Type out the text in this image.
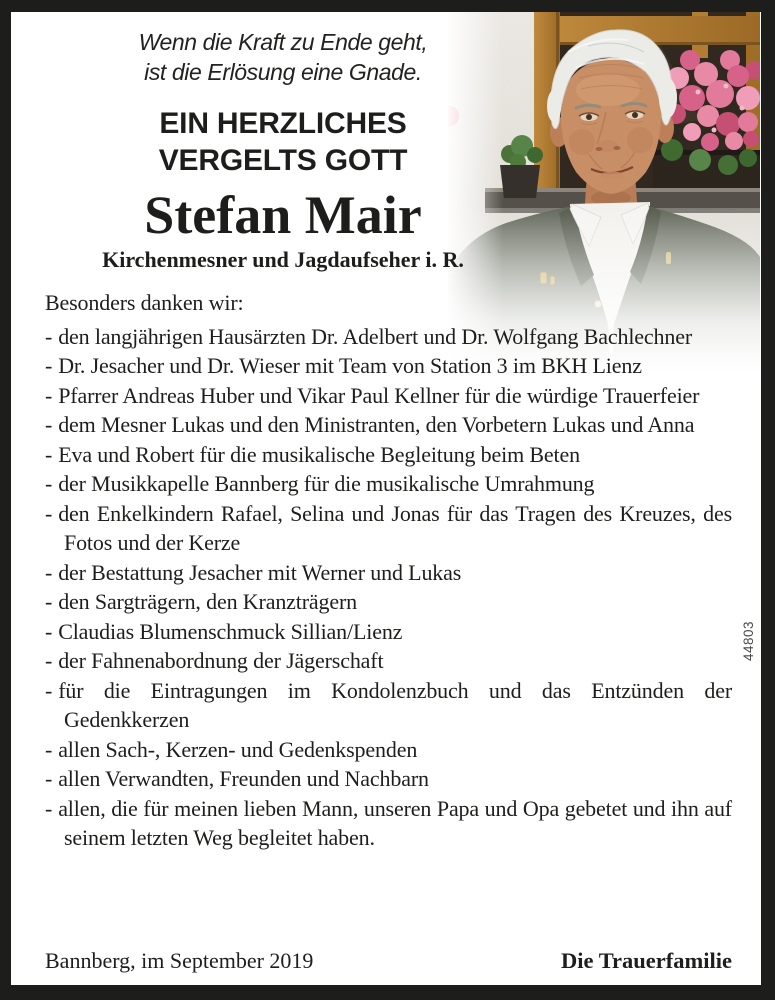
Wenn die Kraft zu Ende geht,
ist die Erlösung eine Gnade.
EIN HERZLICHES
VERGELTS GOTT
Stefan Mair
Kirchenmesner und Jagdaufseher i. R.

Besonders danken wir:

- den langjährigen Hausärzten Dr. Adelbert und Dr. Wolfgang Bachlechner

- Dr. Jesacher und Dr. Wieser mit Team von Station 3 im BKH Lienz

- Pfarrer Andreas Huber und Vikar Paul Kellner für die würdige Trauerfeier

- dem Mesner Lukas und den Ministranten, den Vorbetern Lukas und Anna

- Eva und Robert für die musikalische Begleitung beim Beten

- der Musikkapelle Bannberg für die musikalische Umrahmung

- den Enkelkindern Rafael, Selina und Jonas für das Tragen des Kreuzes, des Fotos und der Kerze

- der Bestattung Jesacher mit Werner und Lukas

- den Sargträgern, den Kranzträgern

- Claudias Blumenschmuck Sillian/Lienz

- der Fahnenabordnung der Jägerschaft

- für die Eintragungen im Kondolenzbuch und das Entzünden der Gedenkkerzen

- allen Sach-, Kerzen- und Gedenkspenden

- allen Verwandten, Freunden und Nachbarn

- allen, die für meinen lieben Mann, unseren Papa und Opa gebetet und ihn auf seinem letzten Weg begleitet haben.

44803
Bannberg, im September 2019	Die Trauerfamilie
